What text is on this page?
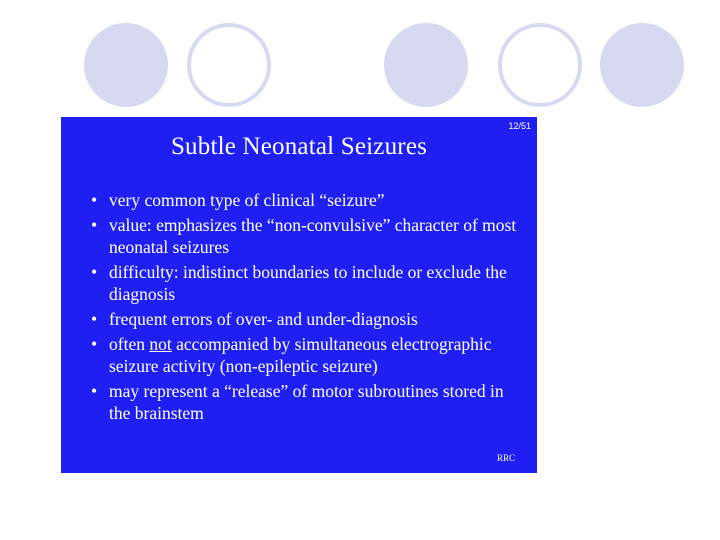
12/51
Subtle Neonatal Seizures
• very common type of clinical “seizure”
• value: emphasizes the “non-convulsive” character of most neonatal seizures
• difficulty: indistinct boundaries to include or exclude the diagnosis
• frequent errors of over- and under-diagnosis
• often not accompanied by simultaneous electrographic seizure activity (non-epileptic seizure)
• may represent a “release” of motor subroutines stored in the brainstem
RRC
